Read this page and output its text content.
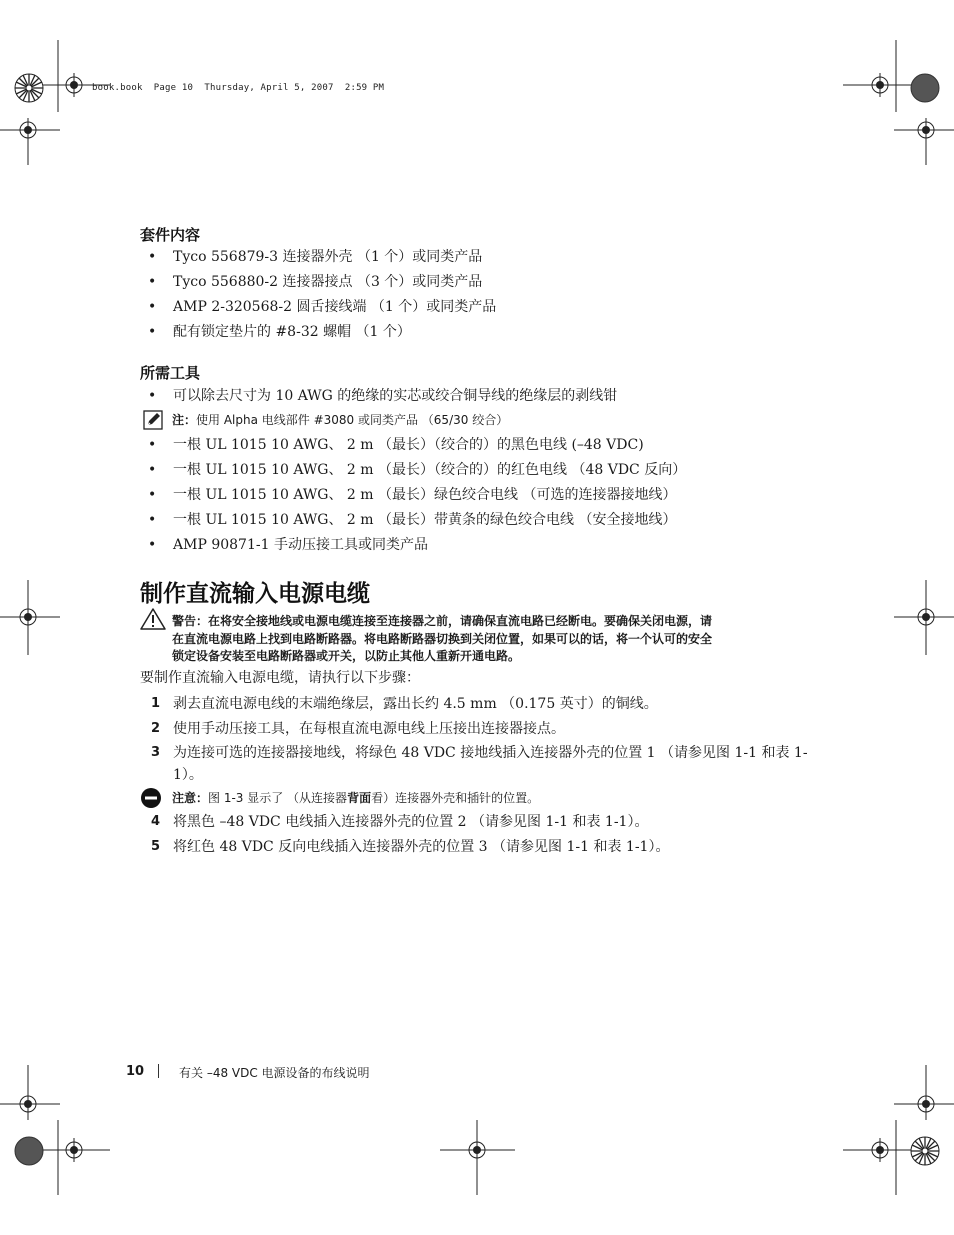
book.book  Page 10  Thursday, April 5, 2007  2:59 PM
套件内容
• Tyco 556879-3 连接器外壳 （1 个）或同类产品
• Tyco 556880-2 连接器接点 （3 个）或同类产品
• AMP 2-320568-2 圆舌接线端 （1 个）或同类产品
• 配有锁定垫片的 #8-32 螺帽 （1 个）
所需工具
• 可以除去尺寸为 10 AWG 的绝缘的实芯或绞合铜导线的绝缘层的剥线钳
注：使用 Alpha 电线部件 #3080 或同类产品 （65/30 绞合）
• 一根 UL 1015 10 AWG、 2 m （最长）（绞合的）的黑色电线 (–48 VDC)
• 一根 UL 1015 10 AWG、 2 m （最长）（绞合的）的红色电线 （48 VDC 反向）
• 一根 UL 1015 10 AWG、 2 m （最长）绿色绞合电线 （可选的连接器接地线）
• 一根 UL 1015 10 AWG、 2 m （最长）带黄条的绿色绞合电线 （安全接地线）
• AMP 90871-1 手动压接工具或同类产品
制作直流输入电源电缆
警告：在将安全接地线或电源电缆连接至连接器之前，请确保直流电路已经断电。要确保关闭电源，请
在直流电源电路上找到电路断路器。将电路断路器切换到关闭位置，如果可以的话，将一个认可的安全
锁定设备安装至电路断路器或开关，以防止其他人重新开通电路。
要制作直流输入电源电缆，请执行以下步骤：
1 剥去直流电源电线的末端绝缘层，露出长约 4.5 mm （0.175 英寸）的铜线。
2 使用手动压接工具，在每根直流电源电线上压接出连接器接点。
3 为连接可选的连接器接地线，将绿色 48 VDC 接地线插入连接器外壳的位置 1 （请参见图 1-1 和表 1-1）。
注意：图 1-3 显示了 （从连接器背面看）连接器外壳和插针的位置。
4 将黑色 –48 VDC 电线插入连接器外壳的位置 2 （请参见图 1-1 和表 1-1）。
5 将红色 48 VDC 反向电线插入连接器外壳的位置 3 （请参见图 1-1 和表 1-1）。
10	有关 –48 VDC 电源设备的布线说明
